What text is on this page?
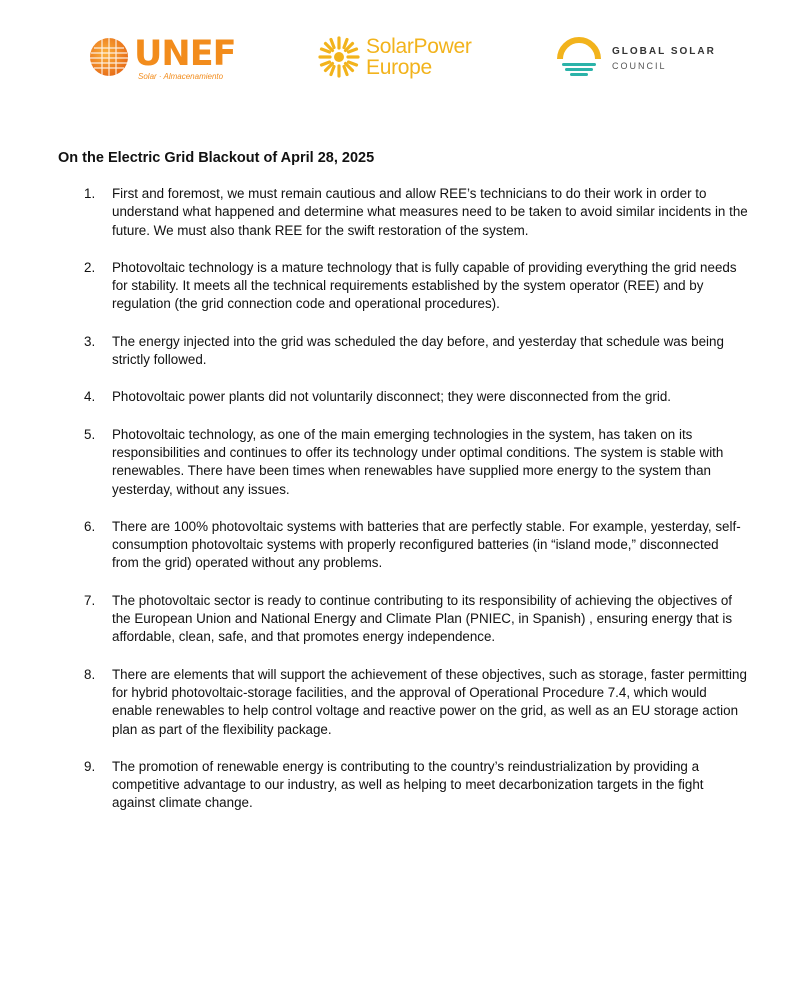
UNEF
Solar · Almacenamiento
SolarPower
Europe
GLOBAL SOLAR
COUNCIL
On the Electric Grid Blackout of April 28, 2025
1. First and foremost, we must remain cautious and allow REE’s technicians to do their work in order to understand what happened and determine what measures need to be taken to avoid similar incidents in the future. We must also thank REE for the swift restoration of the system.
2. Photovoltaic technology is a mature technology that is fully capable of providing everything the grid needs for stability. It meets all the technical requirements established by the system operator (REE) and by regulation (the grid connection code and operational procedures).
3. The energy injected into the grid was scheduled the day before, and yesterday that schedule was being strictly followed.
4. Photovoltaic power plants did not voluntarily disconnect; they were disconnected from the grid.
5. Photovoltaic technology, as one of the main emerging technologies in the system, has taken on its responsibilities and continues to offer its technology under optimal conditions. The system is stable with renewables. There have been times when renewables have supplied more energy to the system than yesterday, without any issues.
6. There are 100% photovoltaic systems with batteries that are perfectly stable. For example, yesterday, self-consumption photovoltaic systems with properly reconfigured batteries (in “island mode,” disconnected from the grid) operated without any problems.
7. The photovoltaic sector is ready to continue contributing to its responsibility of achieving the objectives of the European Union and National Energy and Climate Plan (PNIEC, in Spanish) , ensuring energy that is affordable, clean, safe, and that promotes energy independence.
8. There are elements that will support the achievement of these objectives, such as storage, faster permitting for hybrid photovoltaic-storage facilities, and the approval of Operational Procedure 7.4, which would enable renewables to help control voltage and reactive power on the grid, as well as an EU storage action plan as part of the flexibility package.
9. The promotion of renewable energy is contributing to the country’s reindustrialization by providing a competitive advantage to our industry, as well as helping to meet decarbonization targets in the fight against climate change.
